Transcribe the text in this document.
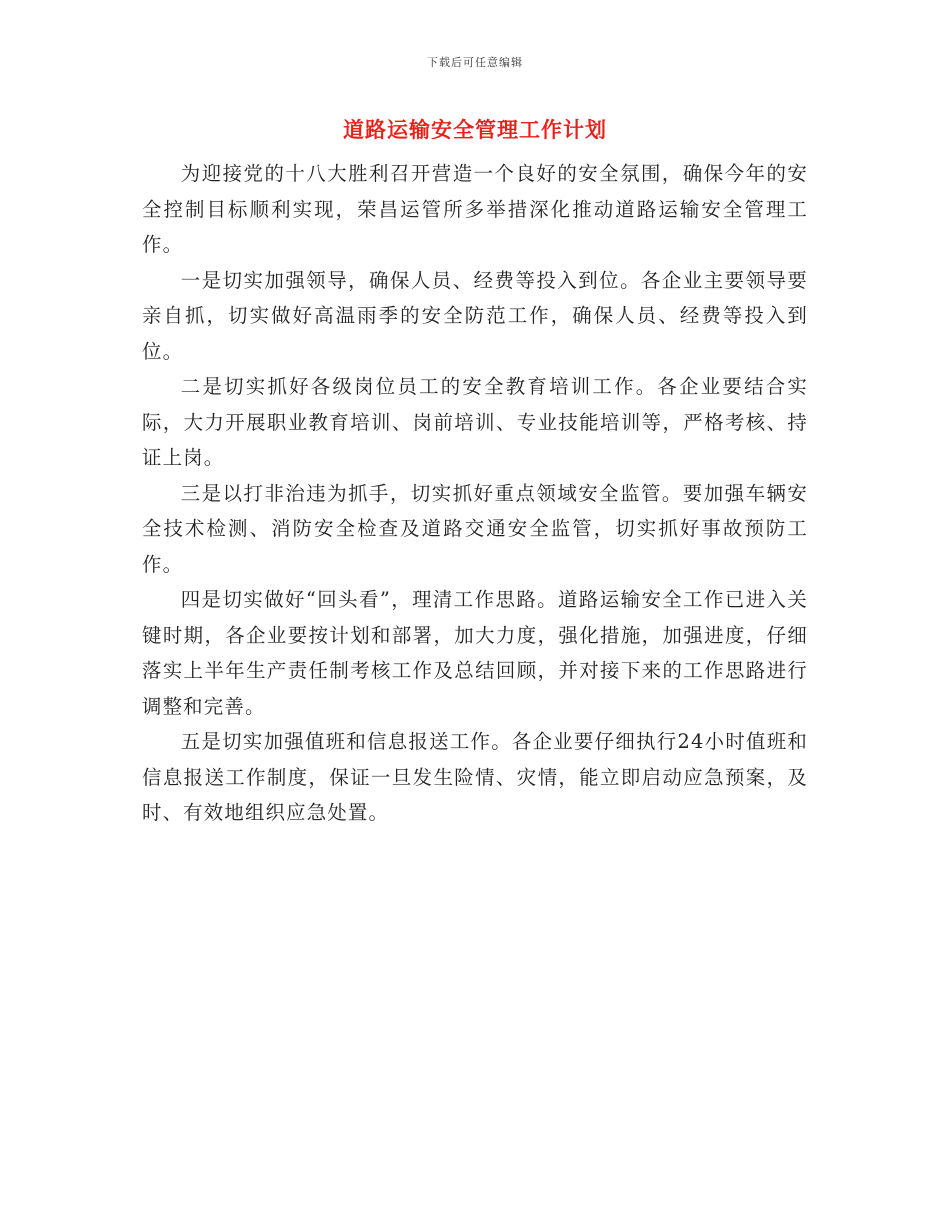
下载后可任意编辑
道路运输安全管理工作计划

为迎接党的十八大胜利召开营造一个良好的安全氛围，确保今年的安全控制目标顺利实现，荣昌运管所多举措深化推动道路运输安全管理工作。

一是切实加强领导，确保人员、经费等投入到位。各企业主要领导要亲自抓，切实做好高温雨季的安全防范工作，确保人员、经费等投入到位。

二是切实抓好各级岗位员工的安全教育培训工作。各企业要结合实际，大力开展职业教育培训、岗前培训、专业技能培训等，严格考核、持证上岗。

三是以打非治违为抓手，切实抓好重点领域安全监管。要加强车辆安全技术检测、消防安全检查及道路交通安全监管，切实抓好事故预防工作。

四是切实做好“回头看”，理清工作思路。道路运输安全工作已进入关键时期，各企业要按计划和部署，加大力度，强化措施，加强进度，仔细落实上半年生产责任制考核工作及总结回顾，并对接下来的工作思路进行调整和完善。

五是切实加强值班和信息报送工作。各企业要仔细执行24小时值班和信息报送工作制度，保证一旦发生险情、灾情，能立即启动应急预案，及时、有效地组织应急处置。
